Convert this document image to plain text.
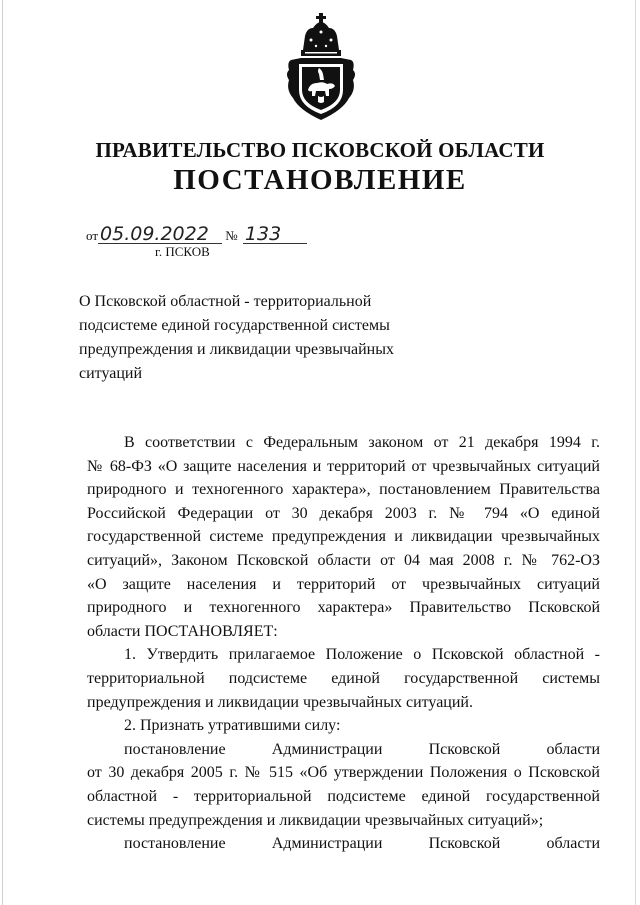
ПРАВИТЕЛЬСТВО ПСКОВСКОЙ ОБЛАСТИ
ПОСТАНОВЛЕНИЕ
от 05.09.2022 № 133
г. ПСКОВ
О Псковской областной - территориальной
подсистеме единой государственной системы
предупреждения и ликвидации чрезвычайных
ситуаций
В соответствии с Федеральным законом от 21 декабря 1994 г.
№ 68-ФЗ «О защите населения и территорий от чрезвычайных ситуаций
природного и техногенного характера», постановлением Правительства
Российской Федерации от 30 декабря 2003 г. № 794 «О единой
государственной системе предупреждения и ликвидации чрезвычайных
ситуаций», Законом Псковской области от 04 мая 2008 г. № 762-ОЗ
«О защите населения и территорий от чрезвычайных ситуаций
природного и техногенного характера» Правительство Псковской
области ПОСТАНОВЛЯЕТ:
1. Утвердить прилагаемое Положение о Псковской областной -
территориальной подсистеме единой государственной системы
предупреждения и ликвидации чрезвычайных ситуаций.
2. Признать утратившими силу:
постановление Администрации Псковской области
от 30 декабря 2005 г. № 515 «Об утверждении Положения о Псковской
областной - территориальной подсистеме единой государственной
системы предупреждения и ликвидации чрезвычайных ситуаций»;
постановление Администрации Псковской области
